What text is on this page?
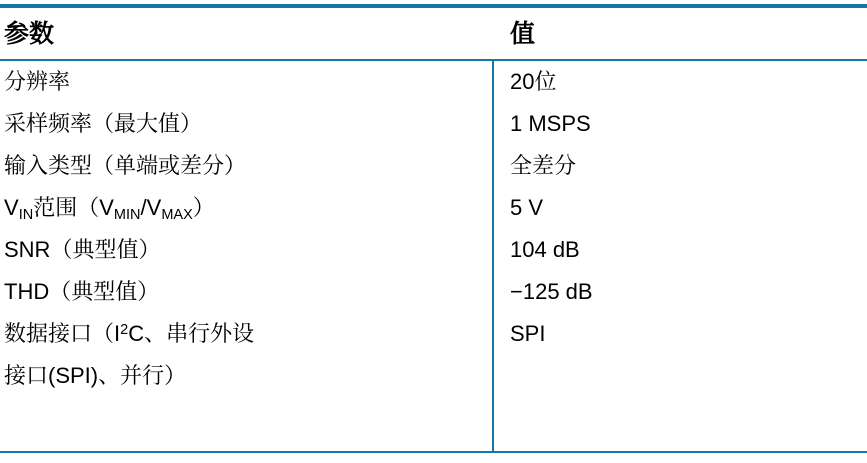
参数	值
分辨率	20位
采样频率（最大值）	1 MSPS
输入类型（单端或差分）	全差分
$V_{IN}$范围$(V_{MIN}/V_{MAX})$	5 V
SNR（典型值）	104 dB
THD（典型值）	−125 dB
数据接口（$I^2C$、串行外设	SPI
接口(SPI)、并行）
